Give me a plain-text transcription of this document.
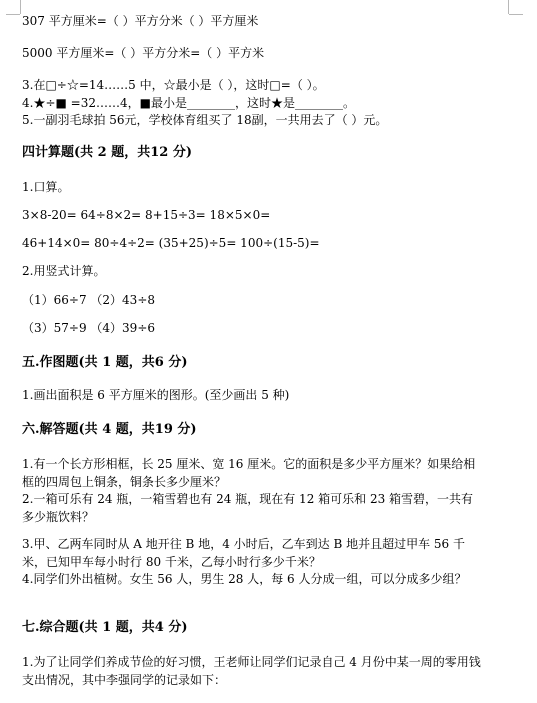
307 平方厘米=（ ）平方分米（ ）平方厘米
5000 平方厘米=（ ）平方分米=（ ）平方米
3.在□÷☆=14……5 中，☆最小是（ ），这时□=（ ）。
4.★÷■ =32……4，■最小是________，这时★是________。
5.一副羽毛球拍 56元，学校体育组买了 18副，一共用去了（ ）元。
四计算题(共 2 题，共12 分)
1.口算。
3×8-20= 64÷8×2= 8+15÷3= 18×5×0=
46+14×0= 80÷4÷2= (35+25)÷5= 100÷(15-5)=
2.用竖式计算。
（1）66÷7 （2）43÷8
（3）57÷9 （4）39÷6
五.作图题(共 1 题，共6 分)
1.画出面积是 6 平方厘米的图形。(至少画出 5 种)
六.解答题(共 4 题，共19 分)
1.有一个长方形相框，长 25 厘米、宽 16 厘米。它的面积是多少平方厘米？如果给相框的四周包上铜条，铜条长多少厘米？
2.一箱可乐有 24 瓶，一箱雪碧也有 24 瓶，现在有 12 箱可乐和 23 箱雪碧，一共有多少瓶饮料？
3.甲、乙两车同时从 A 地开往 B 地，4 小时后，乙车到达 B 地并且超过甲车 56 千米，已知甲车每小时行 80 千米，乙每小时行多少千米？
4.同学们外出植树。女生 56 人，男生 28 人，每 6 人分成一组，可以分成多少组？
七.综合题(共 1 题，共4 分)
1.为了让同学们养成节俭的好习惯，王老师让同学们记录自己 4 月份中某一周的零用钱支出情况，其中李强同学的记录如下：
